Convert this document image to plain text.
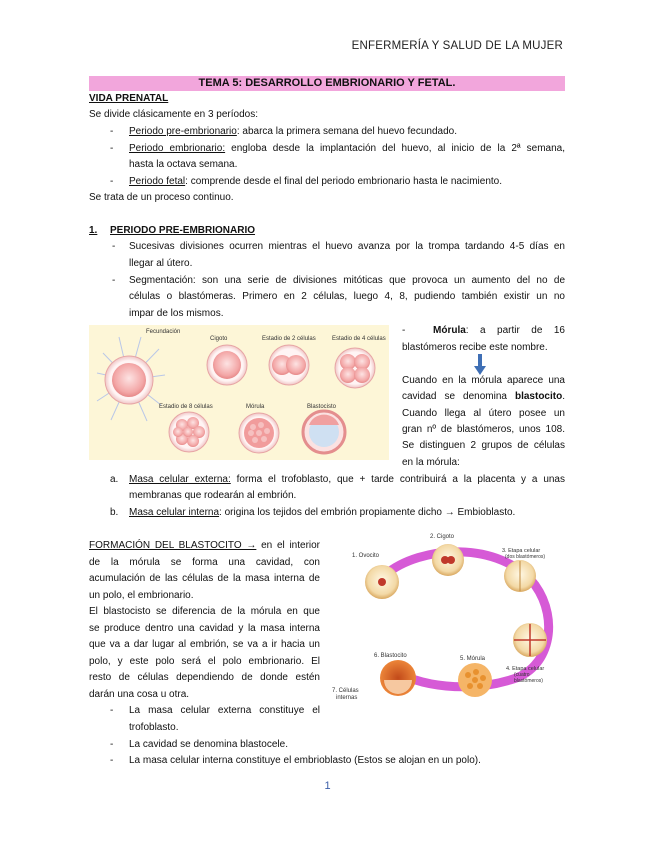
ENFERMERÍA Y SALUD DE LA MUJER
TEMA 5: DESARROLLO EMBRIONARIO Y FETAL.
VIDA PRENATAL
Se divide clásicamente en 3 períodos:
- Periodo pre-embrionario: abarca la primera semana del huevo fecundado.
- Periodo embrionario: engloba desde la implantación del huevo, al inicio de la 2ª semana,
hasta la octava semana.
- Periodo fetal: comprende desde el final del periodo embrionario hasta le nacimiento.
Se trata de un proceso continuo.
1. PERIODO PRE-EMBRIONARIO
- Sucesivas divisiones ocurren mientras el huevo avanza por la trompa tardando 4-5 días en
llegar al útero.
- Segmentación: son una serie de divisiones mitóticas que provoca un aumento del no de
células o blastómeras. Primero en 2 células, luego 4, 8, pudiendo también existir un no
impar de los mismos.
Fecundación
Cigoto	Estadio de 2 células	Estadio de 4 células
Estadio de 8 células	Mórula	Blastocisto
-	Mórula: a partir de 16
blastómeros recibe este nombre.
Cuando en la mórula aparece una
cavidad se denomina blastocito.
Cuando llega al útero posee un
gran nº de blastómeros, unos 108.
Se distinguen 2 grupos de células
en la mórula:
a. Masa celular externa: forma el trofoblasto, que + tarde contribuirá a la placenta y a unas
membranas que rodearán al embrión.
b. Masa celular interna: origina los tejidos del embrión propiamente dicho → Embioblasto.
FORMACIÓN DEL BLASTOCITO → en el interior
de la mórula se forma una cavidad, con
acumulación de las células de la masa interna de
un polo, el embrionario.
El blastocisto se diferencia de la mórula en que
se produce dentro una cavidad y la masa interna
que va a dar lugar al embrión, se va a ir hacia un
polo, y este polo será el polo embrionario. El
resto de células dependiendo de donde estén
darán una cosa u otra.
- La masa celular externa constituye el
trofoblasto.
- La cavidad se denomina blastocele.
- La masa celular interna constituye el embrioblasto (Estos se alojan en un polo).
1. Ovocito
2. Cigoto
3. Etapa celular
(dos blastómeros)
4. Etapa celular
(cuatro
blastómeros)
5. Mórula
6. Blastocito
7. Células
internas
1
